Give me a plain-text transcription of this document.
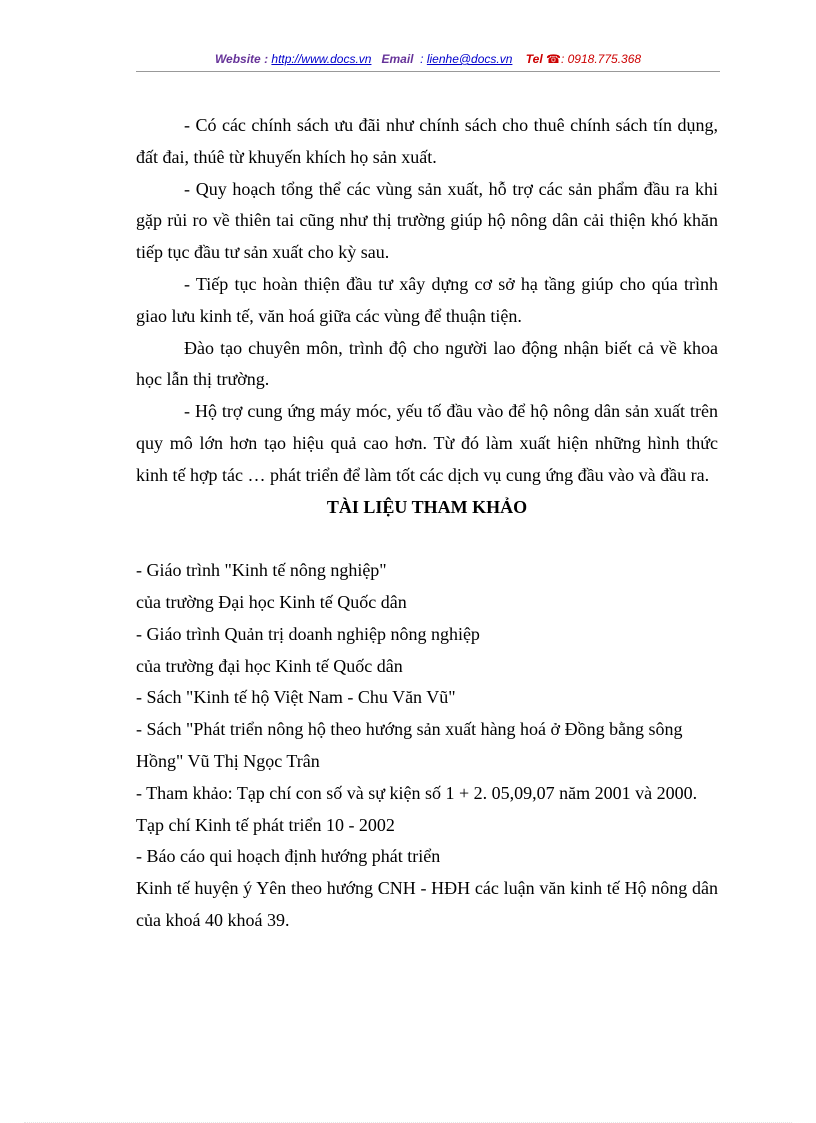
Website : http://www.docs.vn Email : lienhe@docs.vn Tel ☎: 0918.775.368

- Có các chính sách ưu đãi như chính sách cho thuê chính sách tín dụng, đất đai, thúê từ khuyến khích họ sản xuất.

- Quy hoạch tổng thể các vùng sản xuất, hỗ trợ các sản phẩm đầu ra khi gặp rủi ro về thiên tai cũng như thị trường giúp hộ nông dân cải thiện khó khăn tiếp tục đầu tư sản xuất cho kỳ sau.

- Tiếp tục hoàn thiện đầu tư xây dựng cơ sở hạ tầng giúp cho qúa trình giao lưu kinh tế, văn hoá giữa các vùng để thuận tiện.

Đào tạo chuyên môn, trình độ cho người lao động nhận biết cả về khoa học lẫn thị trường.

- Hộ trợ cung ứng máy móc, yếu tố đầu vào để hộ nông dân sản xuất trên quy mô lớn hơn tạo hiệu quả cao hơn. Từ đó làm xuất hiện những hình thức kinh tế hợp tác … phát triển để làm tốt các dịch vụ cung ứng đầu vào và đầu ra.

TÀI LIỆU THAM KHẢO

- Giáo trình "Kinh tế nông nghiệp"

của trường Đại học Kinh tế Quốc dân

- Giáo trình Quản trị doanh nghiệp nông nghiệp

của trường đại học Kinh tế Quốc dân

- Sách "Kinh tế hộ Việt Nam - Chu Văn Vũ"

- Sách "Phát triển nông hộ theo hướng sản xuất hàng hoá ở Đồng bằng sông Hồng" Vũ Thị Ngọc Trân

- Tham khảo: Tạp chí con số và sự kiện số 1 + 2. 05,09,07 năm 2001 và 2000.

Tạp chí Kinh tế phát triển 10 - 2002

- Báo cáo qui hoạch định hướng phát triển

Kinh tế huyện ý Yên theo hướng CNH - HĐH các luận văn kinh tế Hộ nông dân của khoá 40 khoá 39.
